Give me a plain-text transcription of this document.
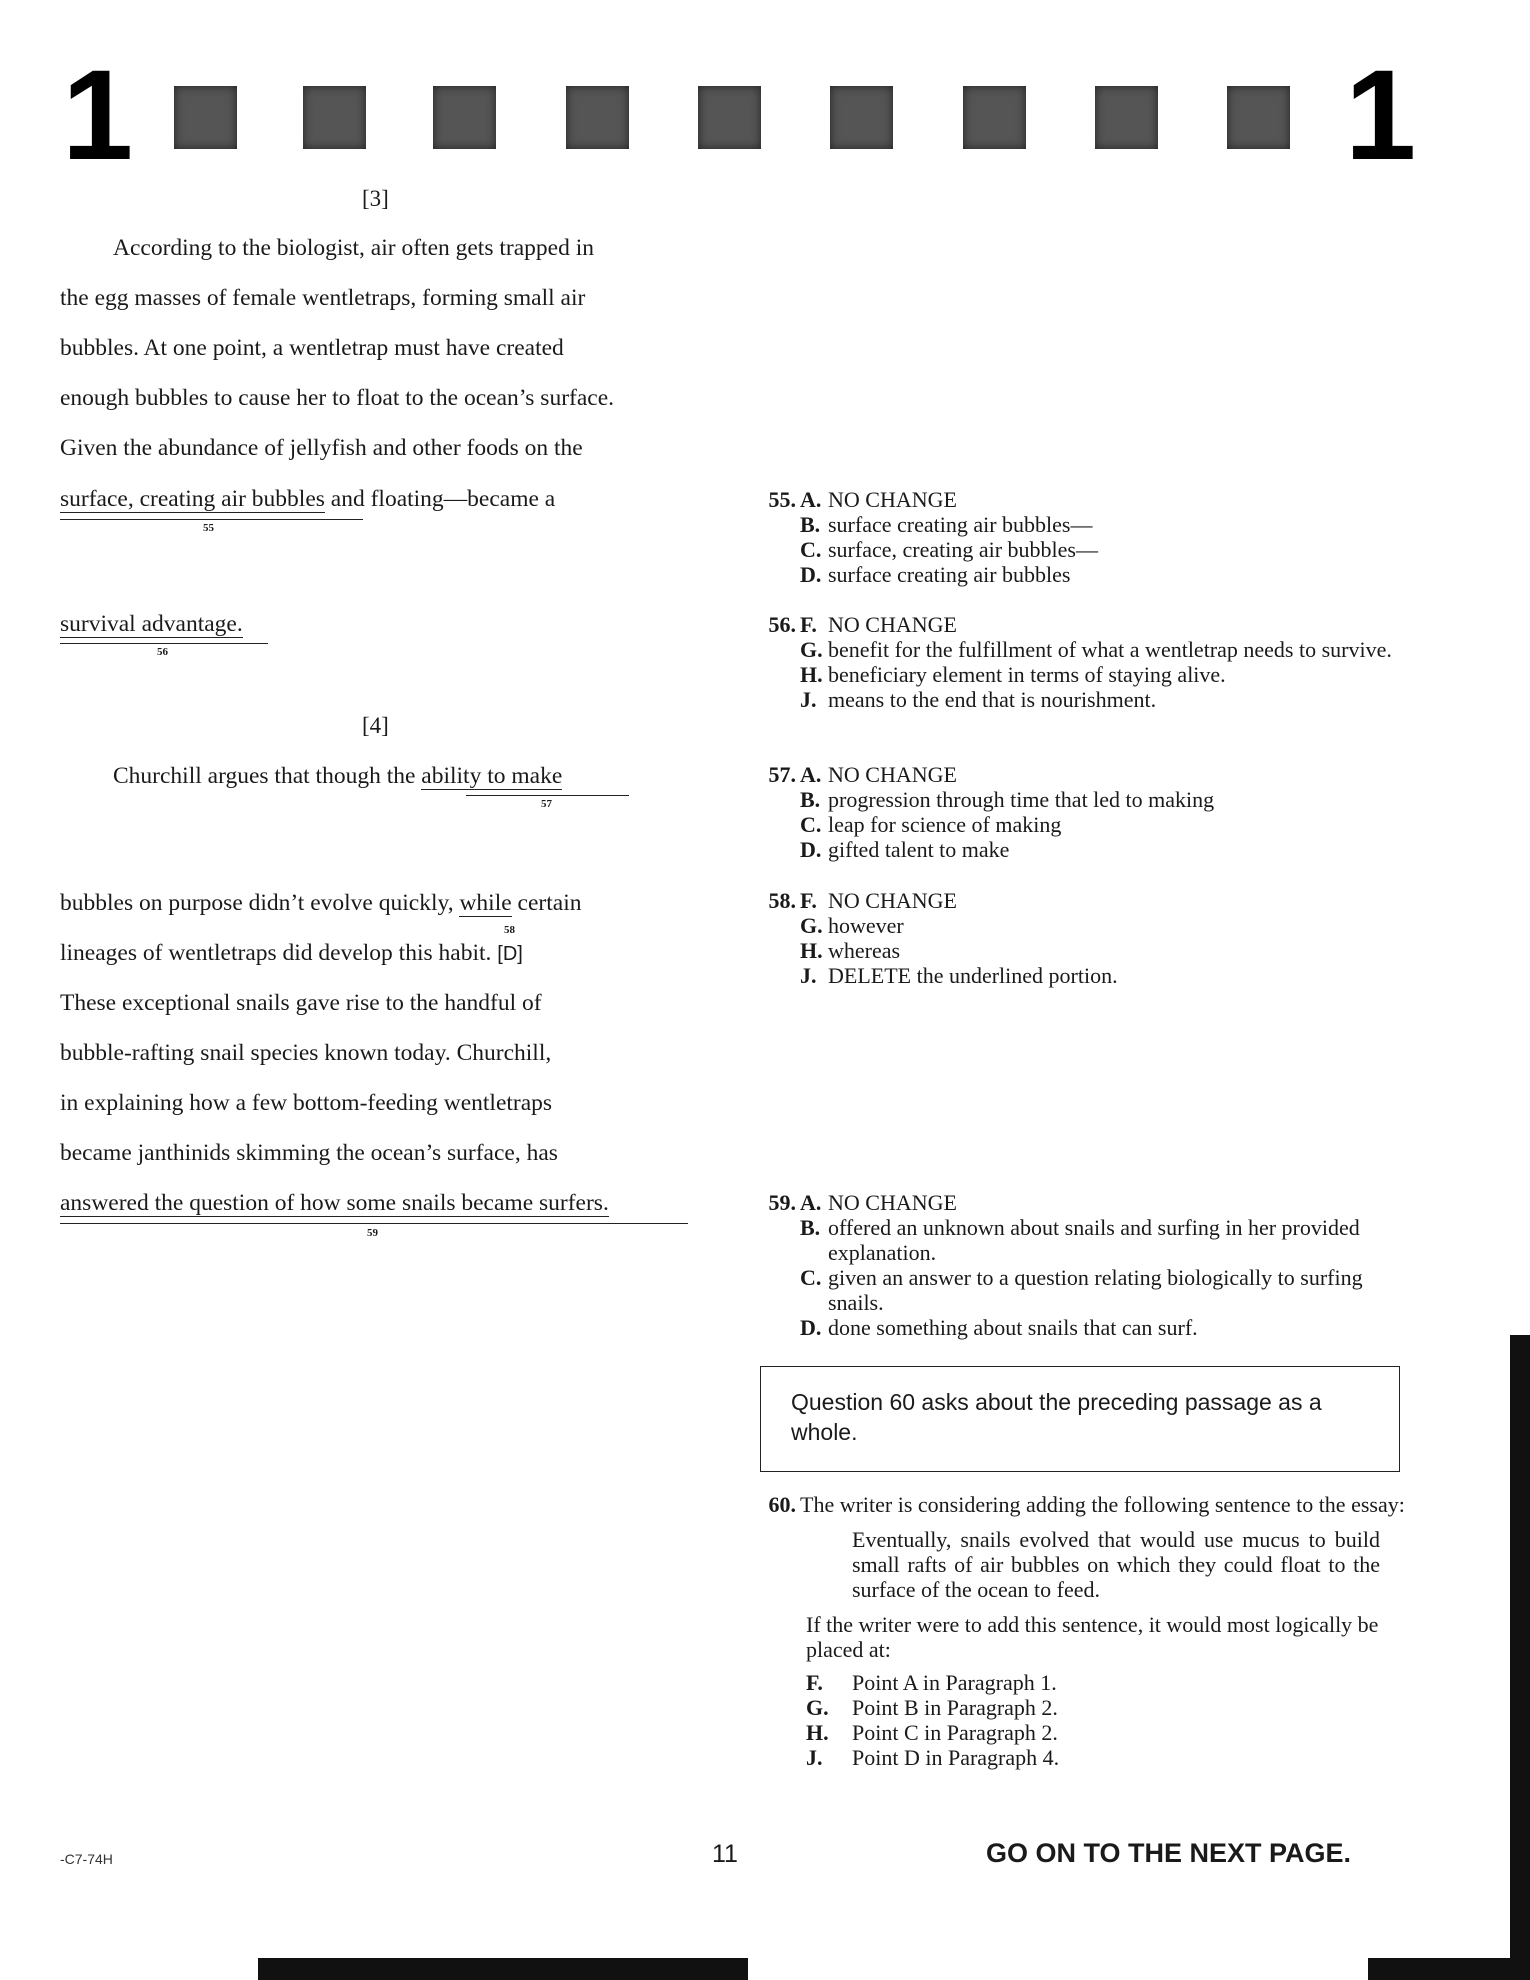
1	1
[3]
According to the biologist, air often gets trapped in
the egg masses of female wentletraps, forming small air
bubbles. At one point, a wentletrap must have created
enough bubbles to cause her to float to the ocean’s surface.
Given the abundance of jellyfish and other foods on the
surface, creating air bubbles and floating—became a
55
survival advantage.
56
[4]
Churchill argues that though the ability to make
57
bubbles on purpose didn’t evolve quickly, while certain
58
lineages of wentletraps did develop this habit. [D]
These exceptional snails gave rise to the handful of
bubble-rafting snail species known today. Churchill,
in explaining how a few bottom-feeding wentletraps
became janthinids skimming the ocean’s surface, has
answered the question of how some snails became surfers.
59
55. A. NO CHANGE
B. surface creating air bubbles—
C. surface, creating air bubbles—
D. surface creating air bubbles
56. F. NO CHANGE
G. benefit for the fulfillment of what a wentletrap needs to survive.
H. beneficiary element in terms of staying alive.
J. means to the end that is nourishment.
57. A. NO CHANGE
B. progression through time that led to making
C. leap for science of making
D. gifted talent to make
58. F. NO CHANGE
G. however
H. whereas
J. DELETE the underlined portion.
59. A. NO CHANGE
B. offered an unknown about snails and surfing in her provided explanation.
C. given an answer to a question relating biologically to surfing snails.
D. done something about snails that can surf.
Question 60 asks about the preceding passage as a whole.
60. The writer is considering adding the following sentence to the essay:
Eventually, snails evolved that would use mucus to build small rafts of air bubbles on which they could float to the surface of the ocean to feed.
If the writer were to add this sentence, it would most logically be placed at:
F.	Point A in Paragraph 1.
G.	Point B in Paragraph 2.
H.	Point C in Paragraph 2.
J.	Point D in Paragraph 4.
-C7-74H	11	GO ON TO THE NEXT PAGE.
